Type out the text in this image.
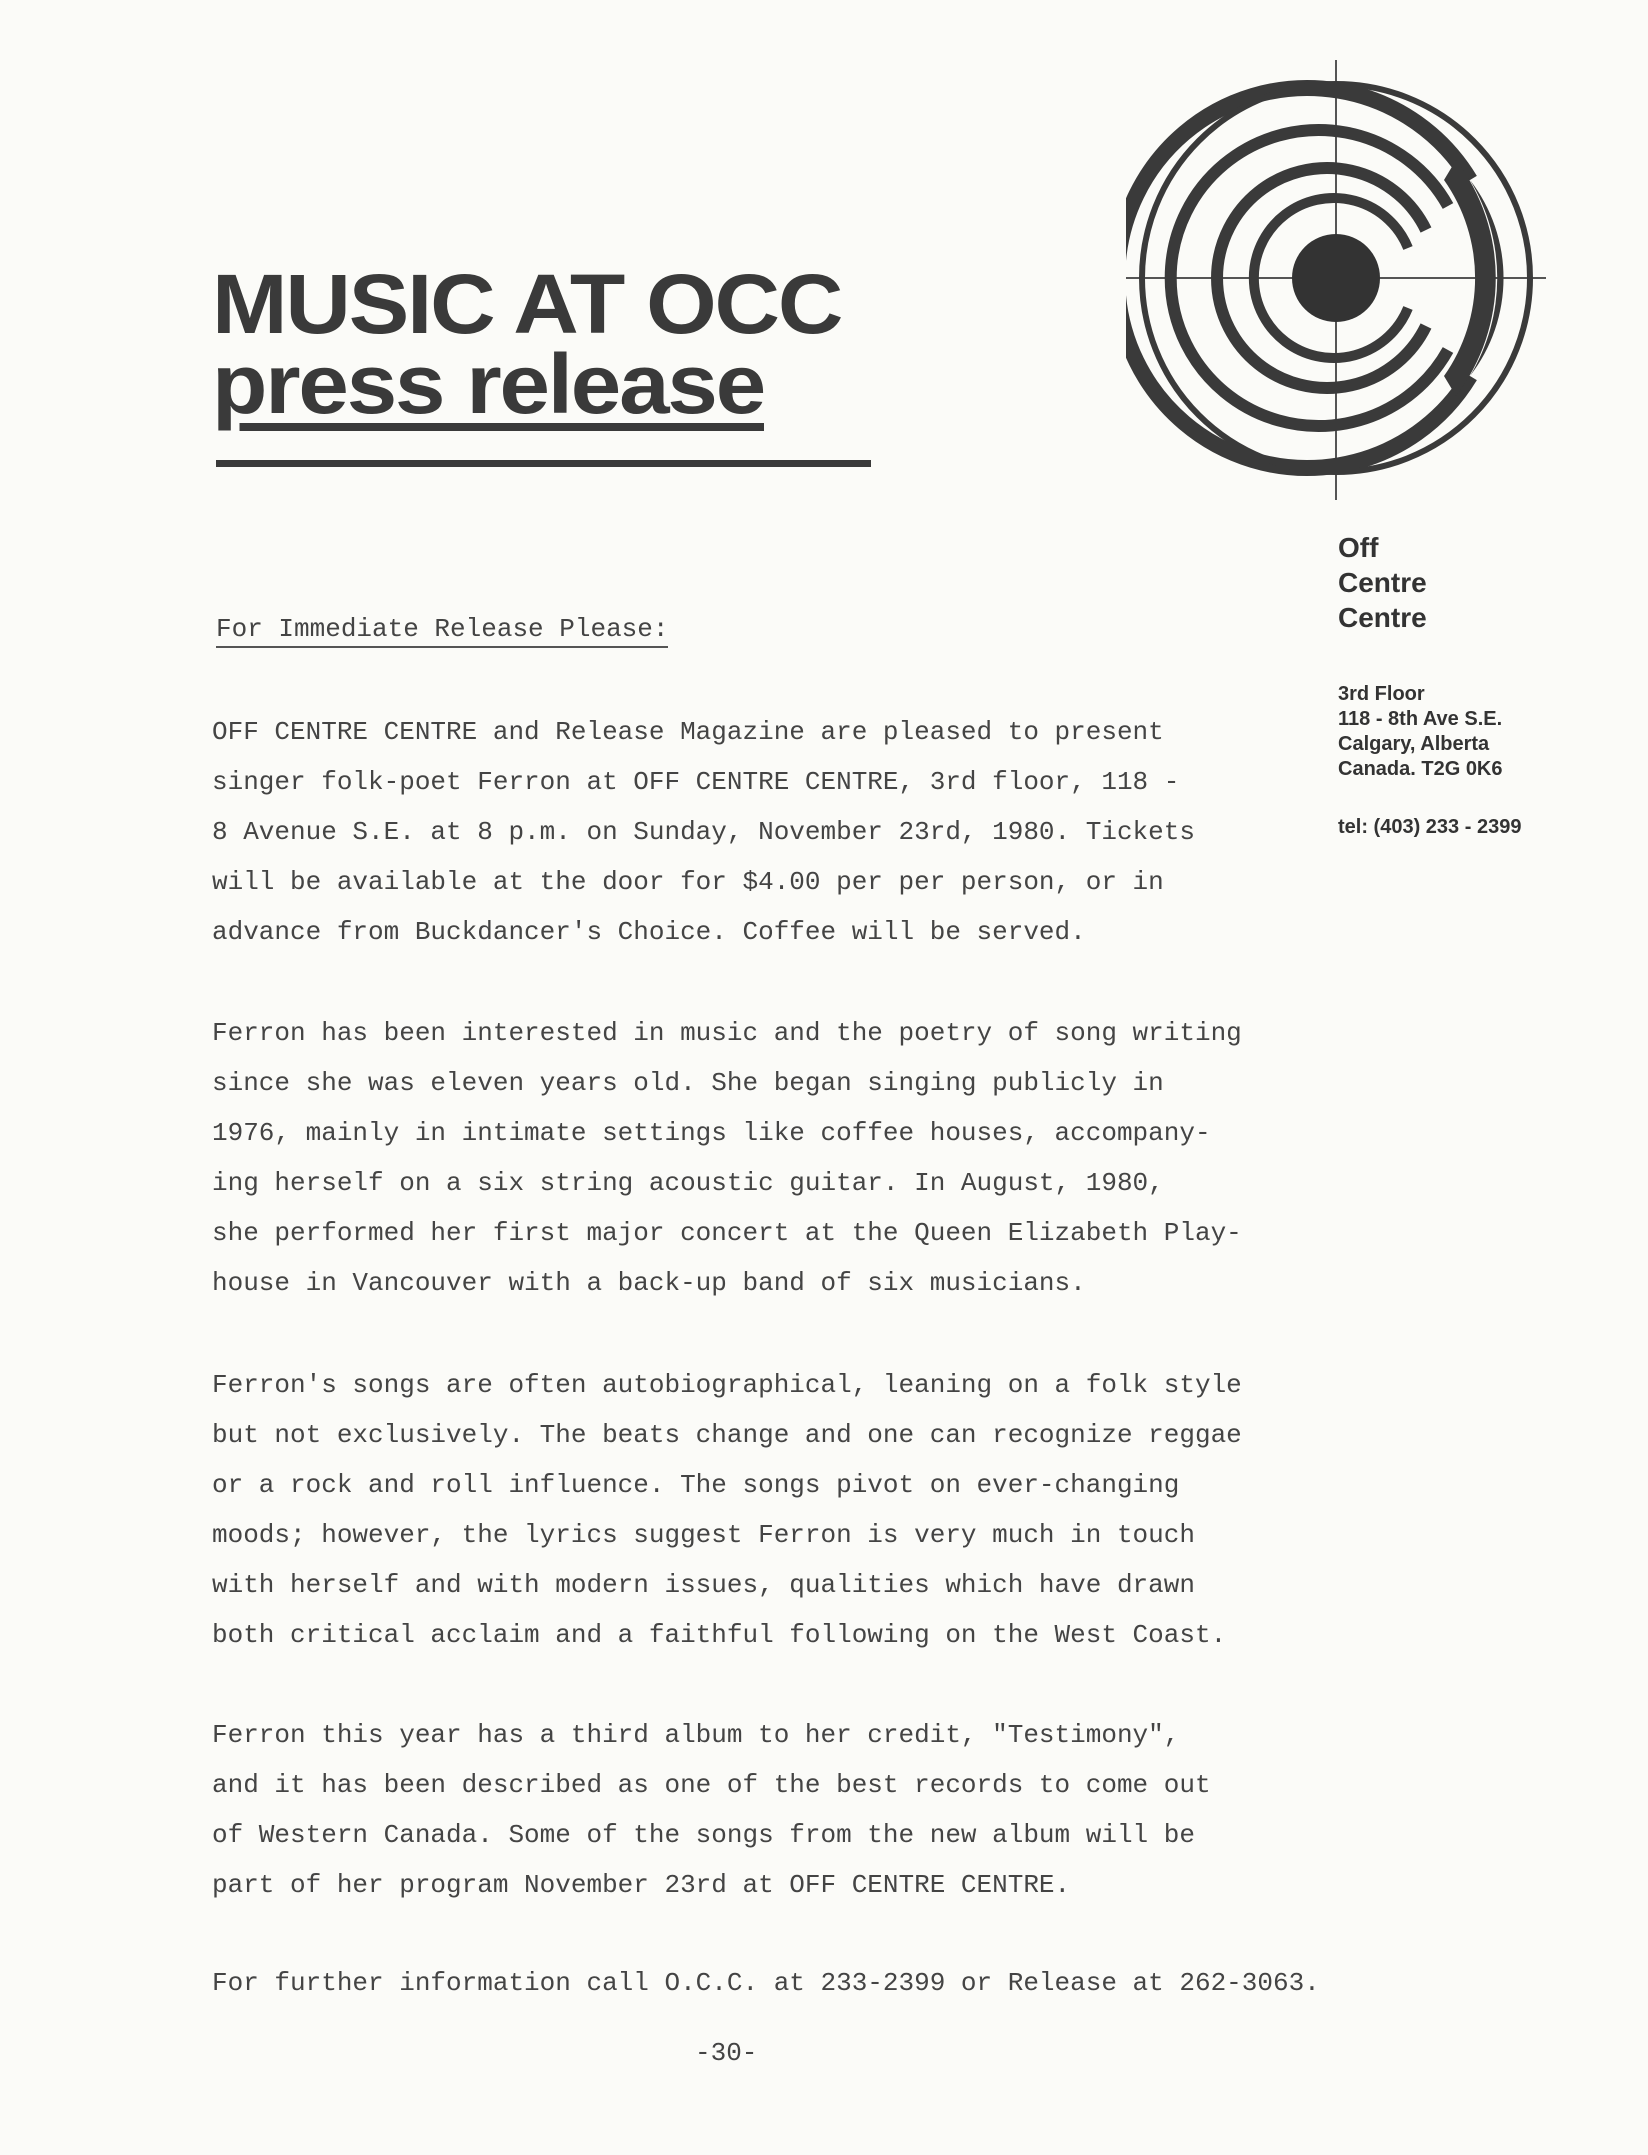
MUSIC AT OCC
press release
Off
Centre
Centre
3rd Floor
118 - 8th Ave S.E.
Calgary, Alberta
Canada. T2G 0K6
tel: (403) 233 - 2399
For Immediate Release Please:

OFF CENTRE CENTRE and Release Magazine are pleased to present
singer folk-poet Ferron at OFF CENTRE CENTRE, 3rd floor, 118 -
8 Avenue S.E. at 8 p.m. on Sunday, November 23rd, 1980. Tickets
will be available at the door for $4.00 per per person, or in
advance from Buckdancer's Choice. Coffee will be served.

Ferron has been interested in music and the poetry of song writing
since she was eleven years old. She began singing publicly in
1976, mainly in intimate settings like coffee houses, accompany-
ing herself on a six string acoustic guitar. In August, 1980,
she performed her first major concert at the Queen Elizabeth Play-
house in Vancouver with a back-up band of six musicians.

Ferron's songs are often autobiographical, leaning on a folk style
but not exclusively. The beats change and one can recognize reggae
or a rock and roll influence. The songs pivot on ever-changing
moods; however, the lyrics suggest Ferron is very much in touch
with herself and with modern issues, qualities which have drawn
both critical acclaim and a faithful following on the West Coast.

Ferron this year has a third album to her credit, "Testimony",
and it has been described as one of the best records to come out
of Western Canada. Some of the songs from the new album will be
part of her program November 23rd at OFF CENTRE CENTRE.

For further information call O.C.C. at 233-2399 or Release at 262-3063.
-30-
